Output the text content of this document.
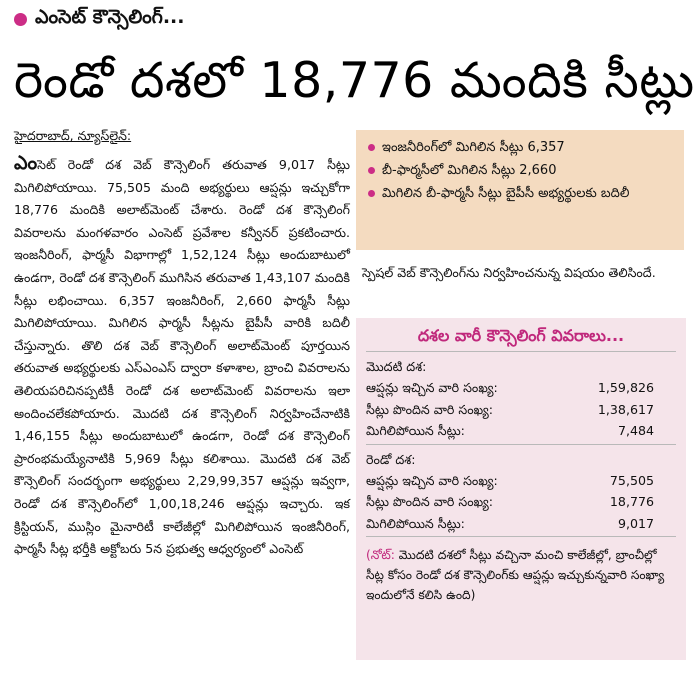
ఎంసెట్ కౌన్సెలింగ్...
రెండో దశలో 18,776 మందికి సీట్లు
హైదరాబాద్, న్యూస్‌లైన్:
ఎంసెట్ రెండో దశ వెబ్ కౌన్సెలింగ్ తరువాత 9,017 సీట్లు మిగిలిపోయాయి. 75,505 మంది అభ్యర్థులు ఆప్షన్లు ఇచ్చుకోగా 18,776 మందికి అలాట్‌మెంట్ చేశారు. రెండో దశ కౌన్సెలింగ్ వివరాలను మంగళవారం ఎంసెట్ ప్రవేశాల కన్వీనర్ ప్రకటించారు. ఇంజనీరింగ్, ఫార్మసీ విభాగాల్లో 1,52,124 సీట్లు అందుబాటులో ఉండగా, రెండో దశ కౌన్సెలింగ్ ముగిసిన తరువాత 1,43,107 మందికి సీట్లు లభించాయి. 6,357 ఇంజనీరింగ్, 2,660 ఫార్మసీ సీట్లు మిగిలిపోయాయి. మిగిలిన ఫార్మసీ సీట్లను బైపీసీ వారికి బదిలీ చేస్తున్నారు. తొలి దశ వెబ్ కౌన్సెలింగ్ అలాట్‌మెంట్ పూర్తయిన తరువాత అభ్యర్థులకు ఎస్ఎంఎస్ ద్వారా కళాశాల, బ్రాంచి వివరాలను తెలియపరిచినప్పటికీ రెండో దశ అలాట్‌మెంట్ వివరాలను ఇలా అందించలేకపోయారు. మొదటి దశ కౌన్సెలింగ్ నిర్వహించేనాటికి 1,46,155 సీట్లు అందుబాటులో ఉండగా, రెండో దశ కౌన్సెలింగ్ ప్రారంభమయ్యేనాటికి 5,969 సీట్లు కలిశాయి. మొదటి దశ వెబ్ కౌన్సెలింగ్ సందర్భంగా అభ్యర్థులు 2,29,99,357 ఆప్షన్లు ఇవ్వగా, రెండో దశ కౌన్సెలింగ్‌లో 1,00,18,246 ఆప్షన్లు ఇచ్చారు. ఇక క్రిస్టియన్, ముస్లిం మైనారిటీ కాలేజీల్లో మిగిలిపోయిన ఇంజినీరింగ్, ఫార్మసీ సీట్ల భర్తీకి అక్టోబరు 5న ప్రభుత్వ ఆధ్వర్యంలో ఎంసెట్
ఇంజనీరింగ్‌లో మిగిలిన సీట్లు 6,357
బీ-ఫార్మసీలో మిగిలిన సీట్లు 2,660
మిగిలిన బీ-ఫార్మసీ సీట్లు బైపీసీ అభ్యర్థులకు బదిలీ
స్పెషల్ వెబ్ కౌన్సెలింగ్‌ను నిర్వహించనున్న విషయం తెలిసిందే.
దశల వారీ కౌన్సెలింగ్ వివరాలు...
మొదటి దశ:
ఆప్షన్లు ఇచ్చిన వారి సంఖ్య:	1,59,826
సీట్లు పొందిన వారి సంఖ్య:	1,38,617
మిగిలిపోయిన సీట్లు:	7,484
రెండో దశ:
ఆప్షన్లు ఇచ్చిన వారి సంఖ్య:	75,505
సీట్లు పొందిన వారి సంఖ్య:	18,776
మిగిలిపోయిన సీట్లు:	9,017
(నోట్: మొదటి దశలో సీట్లు వచ్చినా మంచి కాలేజీల్లో, బ్రాంచీల్లో సీట్ల కోసం రెండో దశ కౌన్సెలింగ్‌కు ఆప్షన్లు ఇచ్చుకున్నవారి సంఖ్యా ఇందులోనే కలిసి ఉంది)
